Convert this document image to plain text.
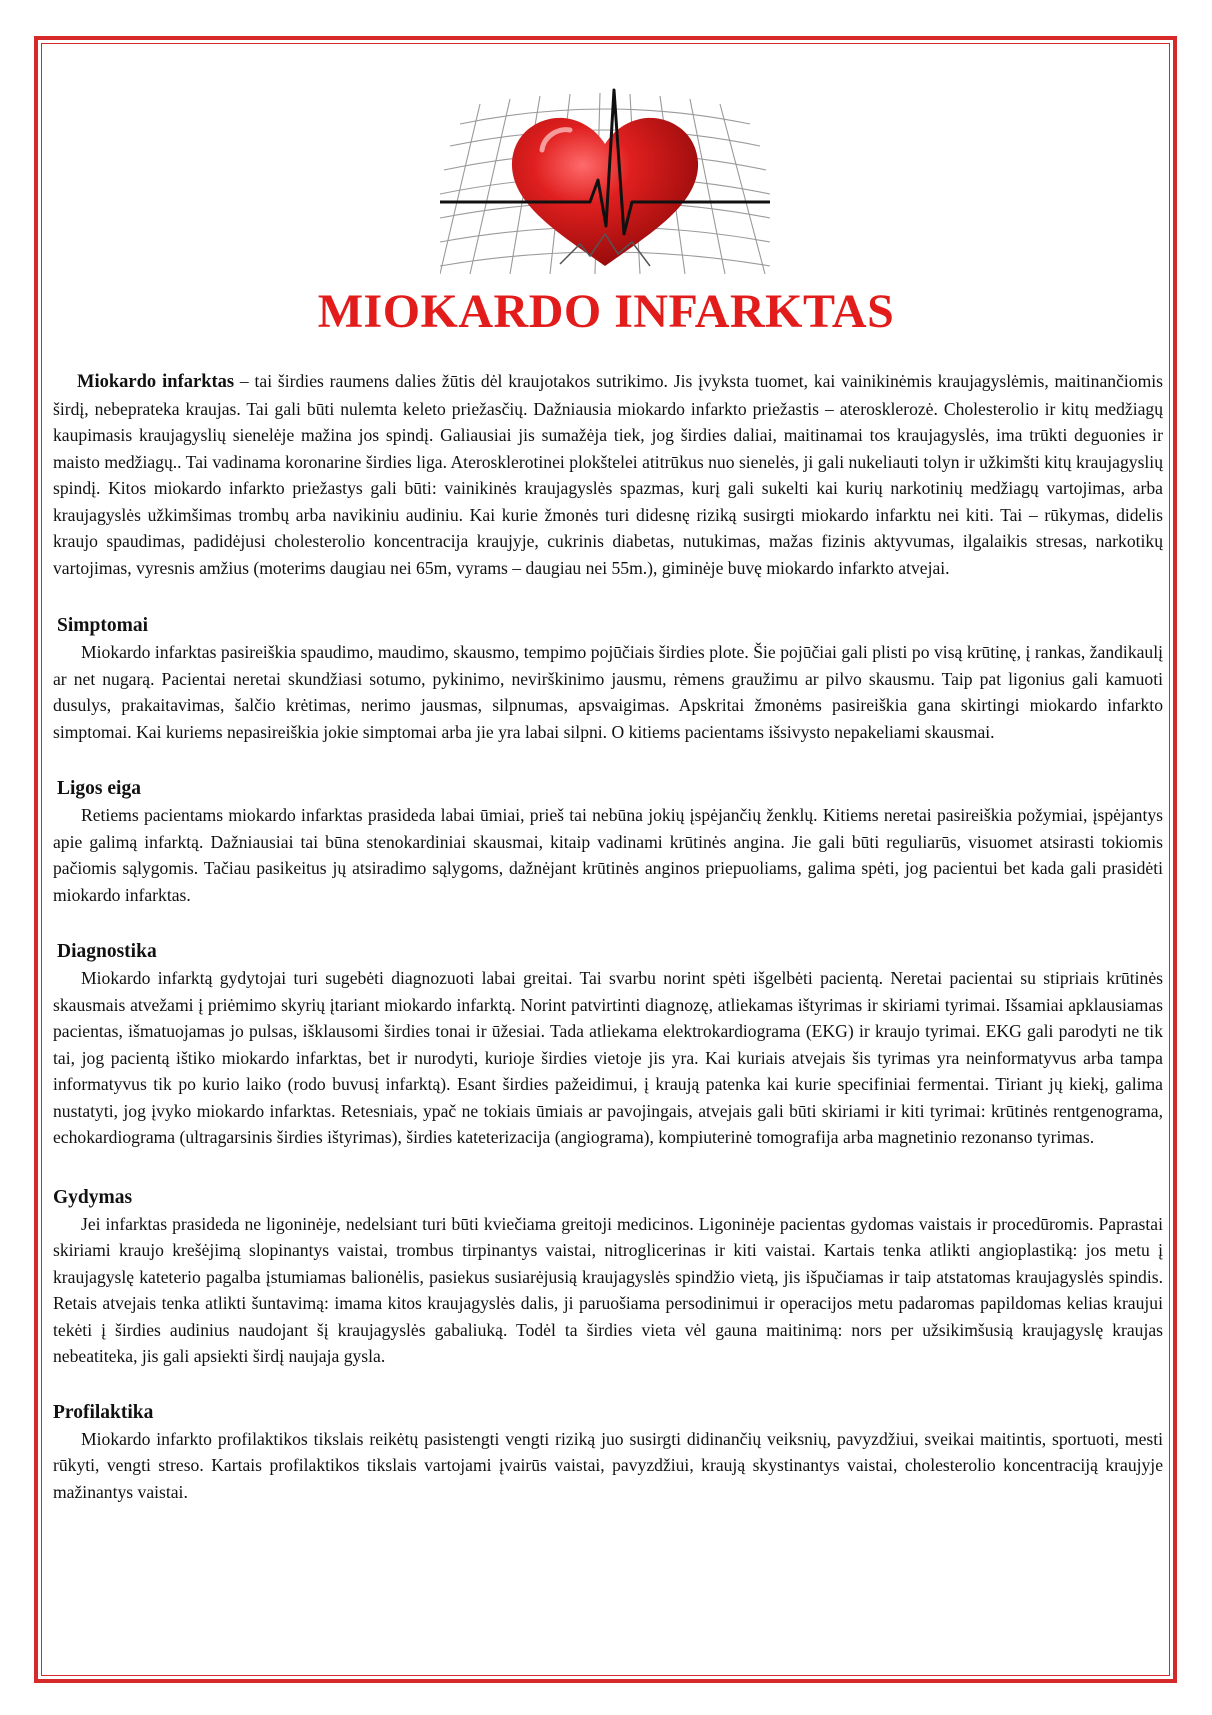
MIOKARDO INFARKTAS

Miokardo infarktas – tai širdies raumens dalies žūtis dėl kraujotakos sutrikimo. Jis įvyksta tuomet, kai vainikinėmis kraujagyslėmis, maitinančiomis širdį, nebeprateka kraujas. Tai gali būti nulemta keleto priežasčių. Dažniausia miokardo infarkto priežastis – aterosklerozė. Cholesterolio ir kitų medžiagų kaupimasis kraujagyslių sienelėje mažina jos spindį. Galiausiai jis sumažėja tiek, jog širdies daliai, maitinamai tos kraujagyslės, ima trūkti deguonies ir maisto medžiagų.. Tai vadinama koronarine širdies liga. Aterosklerotinei plokštelei atitrūkus nuo sienelės, ji gali nukeliauti tolyn ir užkimšti kitų kraujagyslių spindį. Kitos miokardo infarkto priežastys gali būti: vainikinės kraujagyslės spazmas, kurį gali sukelti kai kurių narkotinių medžiagų vartojimas, arba kraujagyslės užkimšimas trombų arba navikiniu audiniu. Kai kurie žmonės turi didesnę riziką susirgti miokardo infarktu nei kiti. Tai – rūkymas, didelis kraujo spaudimas, padidėjusi cholesterolio koncentracija kraujyje, cukrinis diabetas, nutukimas, mažas fizinis aktyvumas, ilgalaikis stresas, narkotikų vartojimas, vyresnis amžius (moterims daugiau nei 65m, vyrams – daugiau nei 55m.), giminėje buvę miokardo infarkto atvejai.

Simptomai

Miokardo infarktas pasireiškia spaudimo, maudimo, skausmo, tempimo pojūčiais širdies plote. Šie pojūčiai gali plisti po visą krūtinę, į rankas, žandikaulį ar net nugarą. Pacientai neretai skundžiasi sotumo, pykinimo, nevirškinimo jausmu, rėmens graužimu ar pilvo skausmu. Taip pat ligonius gali kamuoti dusulys, prakaitavimas, šalčio krėtimas, nerimo jausmas, silpnumas, apsvaigimas. Apskritai žmonėms pasireiškia gana skirtingi miokardo infarkto simptomai. Kai kuriems nepasireiškia jokie simptomai arba jie yra labai silpni. O kitiems pacientams išsivysto nepakeliami skausmai.

Ligos eiga

Retiems pacientams miokardo infarktas prasideda labai ūmiai, prieš tai nebūna jokių įspėjančių ženklų. Kitiems neretai pasireiškia požymiai, įspėjantys apie galimą infarktą. Dažniausiai tai būna stenokardiniai skausmai, kitaip vadinami krūtinės angina. Jie gali būti reguliarūs, visuomet atsirasti tokiomis pačiomis sąlygomis. Tačiau pasikeitus jų atsiradimo sąlygoms, dažnėjant krūtinės anginos priepuoliams, galima spėti, jog pacientui bet kada gali prasidėti miokardo infarktas.

Diagnostika

Miokardo infarktą gydytojai turi sugebėti diagnozuoti labai greitai. Tai svarbu norint spėti išgelbėti pacientą. Neretai pacientai su stipriais krūtinės skausmais atvežami į priėmimo skyrių įtariant miokardo infarktą. Norint patvirtinti diagnozę, atliekamas ištyrimas ir skiriami tyrimai. Išsamiai apklausiamas pacientas, išmatuojamas jo pulsas, išklausomi širdies tonai ir ūžesiai. Tada atliekama elektrokardiograma (EKG) ir kraujo tyrimai. EKG gali parodyti ne tik tai, jog pacientą ištiko miokardo infarktas, bet ir nurodyti, kurioje širdies vietoje jis yra. Kai kuriais atvejais šis tyrimas yra neinformatyvus arba tampa informatyvus tik po kurio laiko (rodo buvusį infarktą). Esant širdies pažeidimui, į kraują patenka kai kurie specifiniai fermentai. Tiriant jų kiekį, galima nustatyti, jog įvyko miokardo infarktas. Retesniais, ypač ne tokiais ūmiais ar pavojingais, atvejais gali būti skiriami ir kiti tyrimai: krūtinės rentgenograma, echokardiograma (ultragarsinis širdies ištyrimas), širdies kateterizacija (angiograma), kompiuterinė tomografija arba magnetinio rezonanso tyrimas.

Gydymas

Jei infarktas prasideda ne ligoninėje, nedelsiant turi būti kviečiama greitoji medicinos. Ligoninėje pacientas gydomas vaistais ir procedūromis. Paprastai skiriami kraujo krešėjimą slopinantys vaistai, trombus tirpinantys vaistai, nitroglicerinas ir kiti vaistai. Kartais tenka atlikti angioplastiką: jos metu į kraujagyslę kateterio pagalba įstumiamas balionėlis, pasiekus susiarėjusią kraujagyslės spindžio vietą, jis išpučiamas ir taip atstatomas kraujagyslės spindis. Retais atvejais tenka atlikti šuntavimą: imama kitos kraujagyslės dalis, ji paruošiama persodinimui ir operacijos metu padaromas papildomas kelias kraujui tekėti į širdies audinius naudojant šį kraujagyslės gabaliuką. Todėl ta širdies vieta vėl gauna maitinimą: nors per užsikimšusią kraujagyslę kraujas nebeatiteka, jis gali apsiekti širdį naujaja gysla.

Profilaktika

Miokardo infarkto profilaktikos tikslais reikėtų pasistengti vengti riziką juo susirgti didinančių veiksnių, pavyzdžiui, sveikai maitintis, sportuoti, mesti rūkyti, vengti streso. Kartais profilaktikos tikslais vartojami įvairūs vaistai, pavyzdžiui, kraują skystinantys vaistai, cholesterolio koncentraciją kraujyje mažinantys vaistai.
